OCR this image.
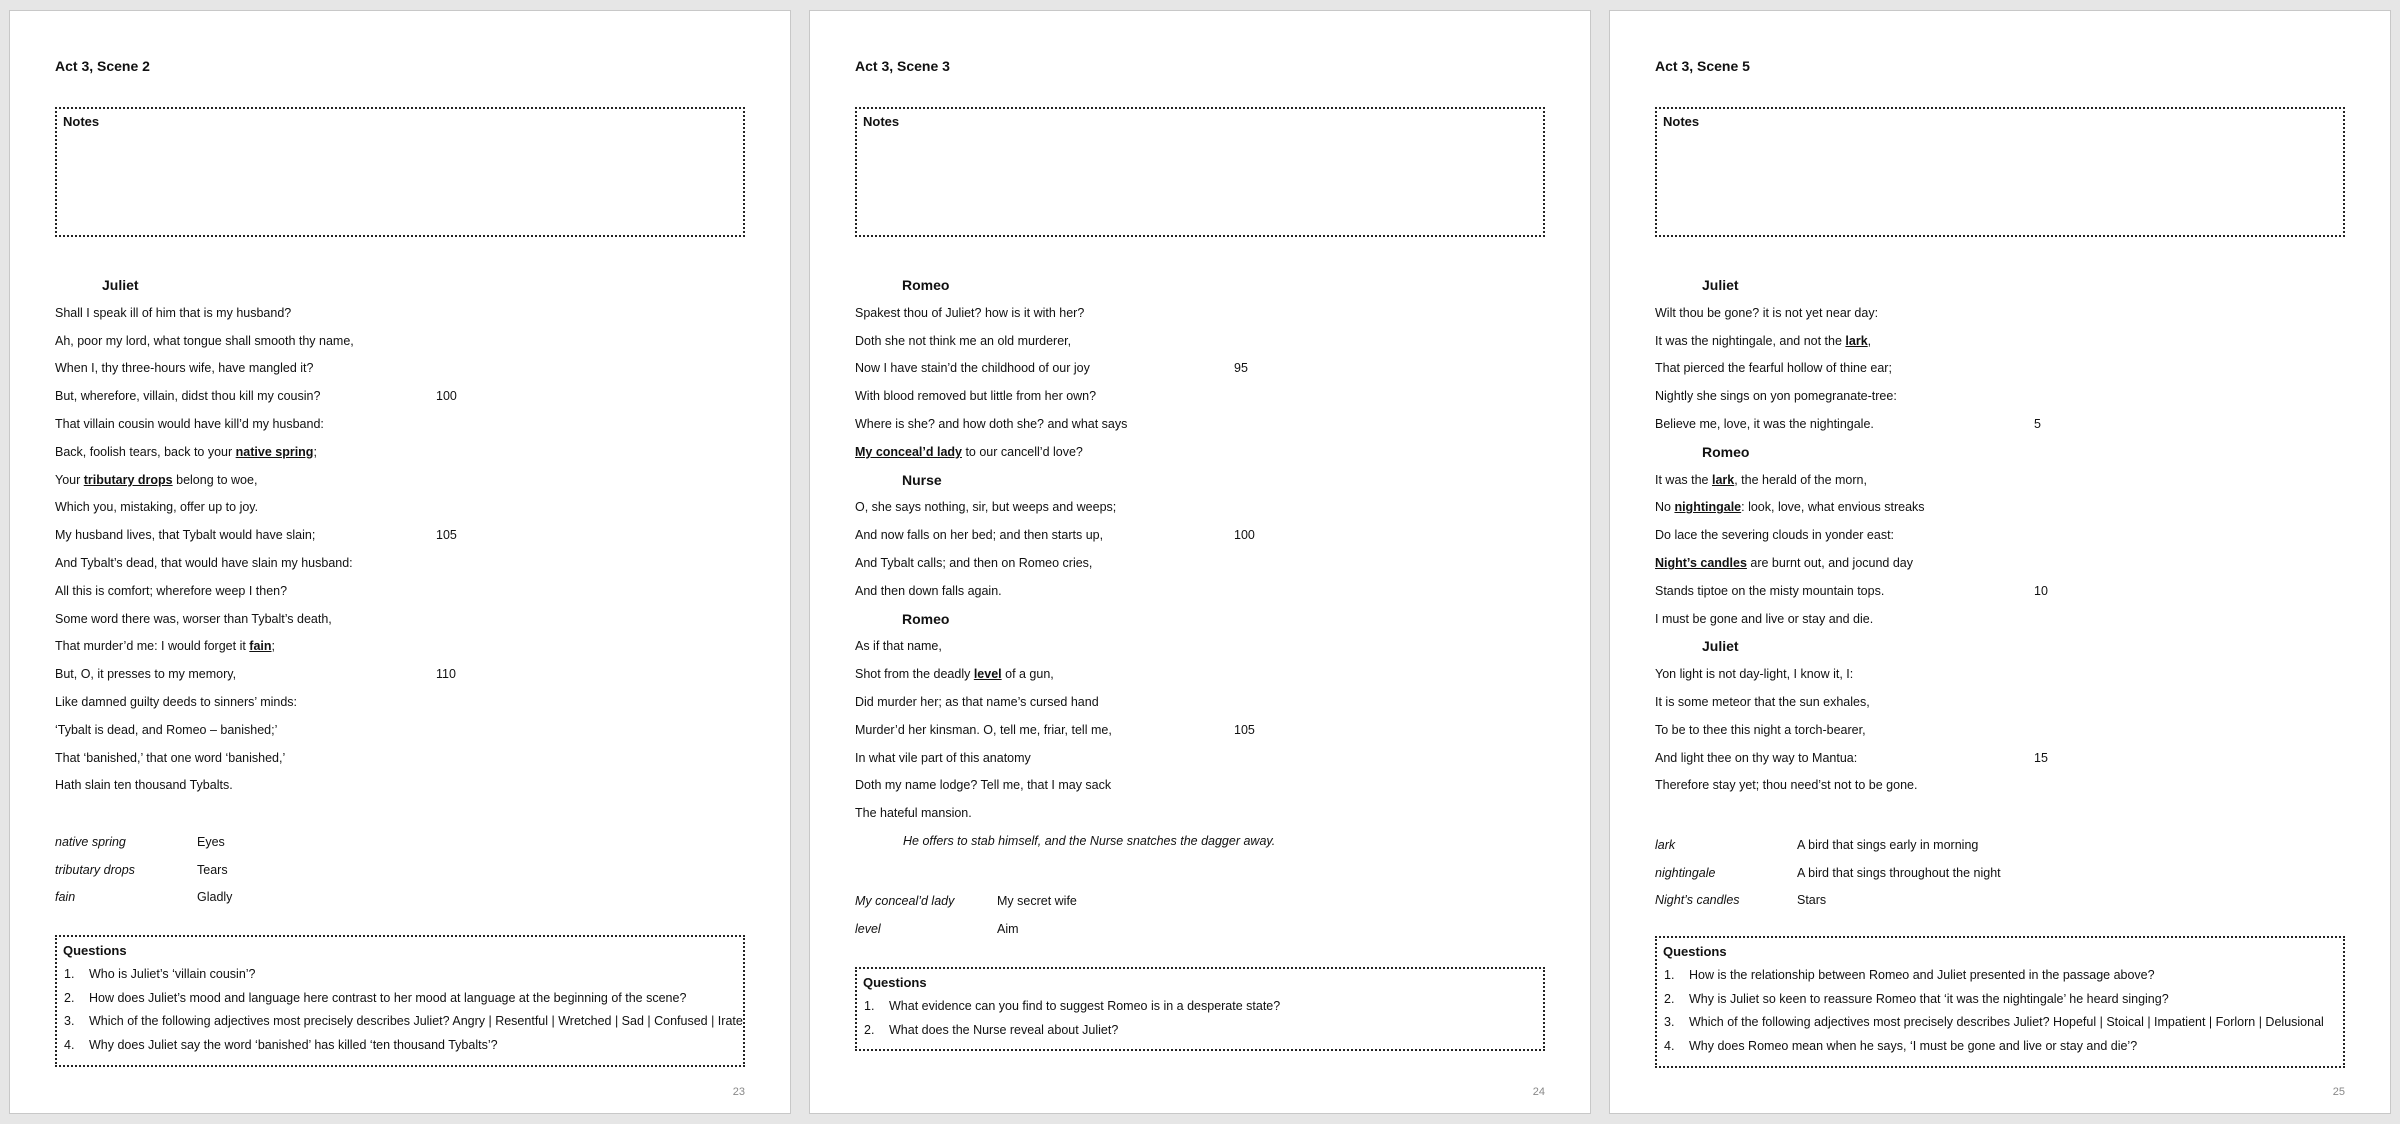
Act 3, Scene 2
Notes
Juliet
Shall I speak ill of him that is my husband?
Ah, poor my lord, what tongue shall smooth thy name,
When I, thy three-hours wife, have mangled it?
But, wherefore, villain, didst thou kill my cousin?	100
That villain cousin would have kill’d my husband:
Back, foolish tears, back to your native spring;
Your tributary drops belong to woe,
Which you, mistaking, offer up to joy.
My husband lives, that Tybalt would have slain;	105
And Tybalt’s dead, that would have slain my husband:
All this is comfort; wherefore weep I then?
Some word there was, worser than Tybalt’s death,
That murder’d me: I would forget it fain;
But, O, it presses to my memory,	110
Like damned guilty deeds to sinners’ minds:
‘Tybalt is dead, and Romeo – banished;’
That ‘banished,’ that one word ‘banished,’
Hath slain ten thousand Tybalts.
native spring	Eyes
tributary drops	Tears
fain	Gladly
Questions
1. Who is Juliet’s ‘villain cousin’?
2. How does Juliet’s mood and language here contrast to her mood at language at the beginning of the scene?
3. Which of the following adjectives most precisely describes Juliet? Angry | Resentful | Wretched | Sad | Confused | Irate
4. Why does Juliet say the word ‘banished’ has killed ‘ten thousand Tybalts’?
23
Act 3, Scene 3
Notes
Romeo
Spakest thou of Juliet? how is it with her?
Doth she not think me an old murderer,
Now I have stain’d the childhood of our joy	95
With blood removed but little from her own?
Where is she? and how doth she? and what says
My conceal’d lady to our cancell’d love?
Nurse
O, she says nothing, sir, but weeps and weeps;
And now falls on her bed; and then starts up,	100
And Tybalt calls; and then on Romeo cries,
And then down falls again.
Romeo
As if that name,
Shot from the deadly level of a gun,
Did murder her; as that name’s cursed hand
Murder’d her kinsman. O, tell me, friar, tell me,	105
In what vile part of this anatomy
Doth my name lodge? Tell me, that I may sack
The hateful mansion.
He offers to stab himself, and the Nurse snatches the dagger away.
My conceal’d lady	My secret wife
level	Aim
Questions
1. What evidence can you find to suggest Romeo is in a desperate state?
2. What does the Nurse reveal about Juliet?
24
Act 3, Scene 5
Notes
Juliet
Wilt thou be gone? it is not yet near day:
It was the nightingale, and not the lark,
That pierced the fearful hollow of thine ear;
Nightly she sings on yon pomegranate-tree:
Believe me, love, it was the nightingale.	5
Romeo
It was the lark, the herald of the morn,
No nightingale: look, love, what envious streaks
Do lace the severing clouds in yonder east:
Night’s candles are burnt out, and jocund day
Stands tiptoe on the misty mountain tops.	10
I must be gone and live or stay and die.
Juliet
Yon light is not day-light, I know it, I:
It is some meteor that the sun exhales,
To be to thee this night a torch-bearer,
And light thee on thy way to Mantua:	15
Therefore stay yet; thou need’st not to be gone.
lark	A bird that sings early in morning
nightingale	A bird that sings throughout the night
Night’s candles	Stars
Questions
1. How is the relationship between Romeo and Juliet presented in the passage above?
2. Why is Juliet so keen to reassure Romeo that ‘it was the nightingale’ he heard singing?
3. Which of the following adjectives most precisely describes Juliet? Hopeful | Stoical | Impatient | Forlorn | Delusional
4. Why does Romeo mean when he says, ‘I must be gone and live or stay and die’?
25
